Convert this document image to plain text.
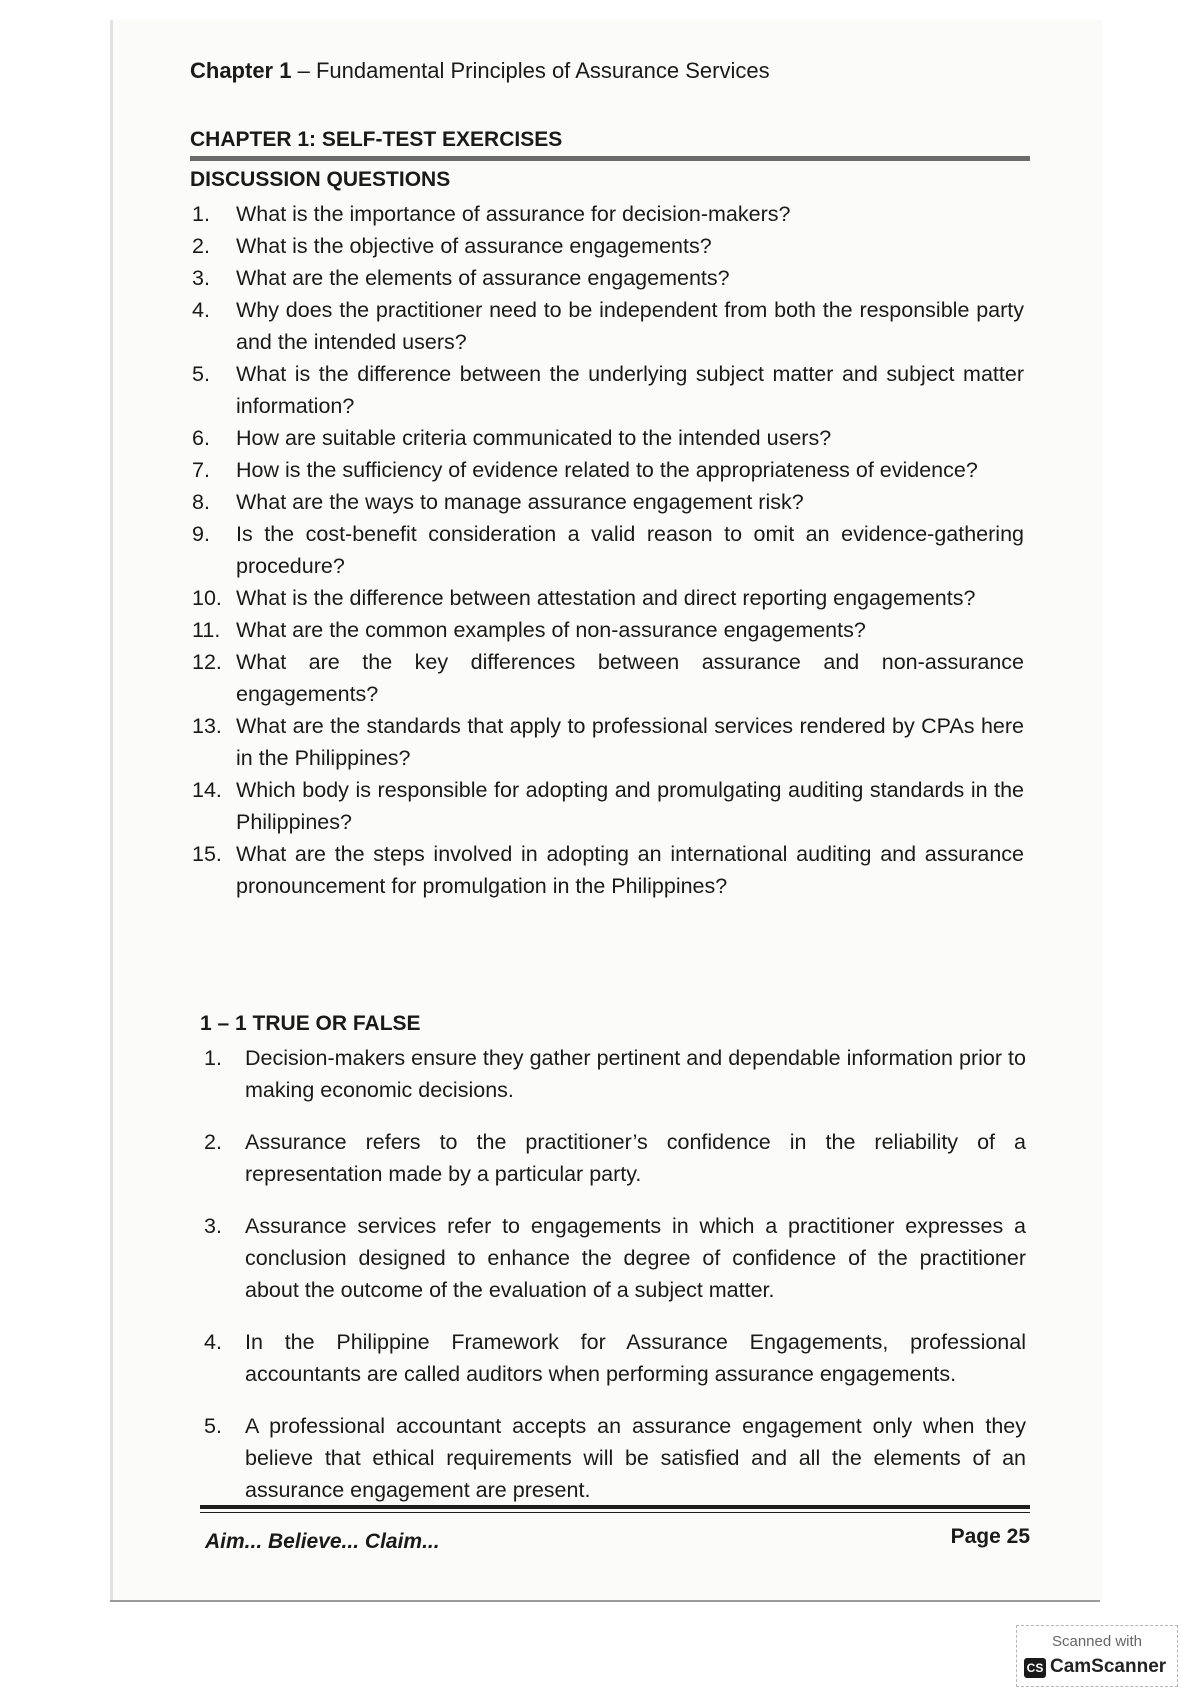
Chapter 1 – Fundamental Principles of Assurance Services
CHAPTER 1: SELF-TEST EXERCISES
DISCUSSION QUESTIONS
1. What is the importance of assurance for decision-makers?
2. What is the objective of assurance engagements?
3. What are the elements of assurance engagements?
4. Why does the practitioner need to be independent from both the responsible party and the intended users?
5. What is the difference between the underlying subject matter and subject matter information?
6. How are suitable criteria communicated to the intended users?
7. How is the sufficiency of evidence related to the appropriateness of evidence?
8. What are the ways to manage assurance engagement risk?
9. Is the cost-benefit consideration a valid reason to omit an evidence-gathering procedure?
10. What is the difference between attestation and direct reporting engagements?
11. What are the common examples of non-assurance engagements?
12. What are the key differences between assurance and non-assurance engagements?
13. What are the standards that apply to professional services rendered by CPAs here in the Philippines?
14. Which body is responsible for adopting and promulgating auditing standards in the Philippines?
15. What are the steps involved in adopting an international auditing and assurance pronouncement for promulgation in the Philippines?
1 – 1 TRUE OR FALSE
1. Decision-makers ensure they gather pertinent and dependable information prior to making economic decisions.
2. Assurance refers to the practitioner’s confidence in the reliability of a representation made by a particular party.
3. Assurance services refer to engagements in which a practitioner expresses a conclusion designed to enhance the degree of confidence of the practitioner about the outcome of the evaluation of a subject matter.
4. In the Philippine Framework for Assurance Engagements, professional accountants are called auditors when performing assurance engagements.
5. A professional accountant accepts an assurance engagement only when they believe that ethical requirements will be satisfied and all the elements of an assurance engagement are present.
Aim... Believe... Claim...	Page 25
Scanned with
CS CamScanner
